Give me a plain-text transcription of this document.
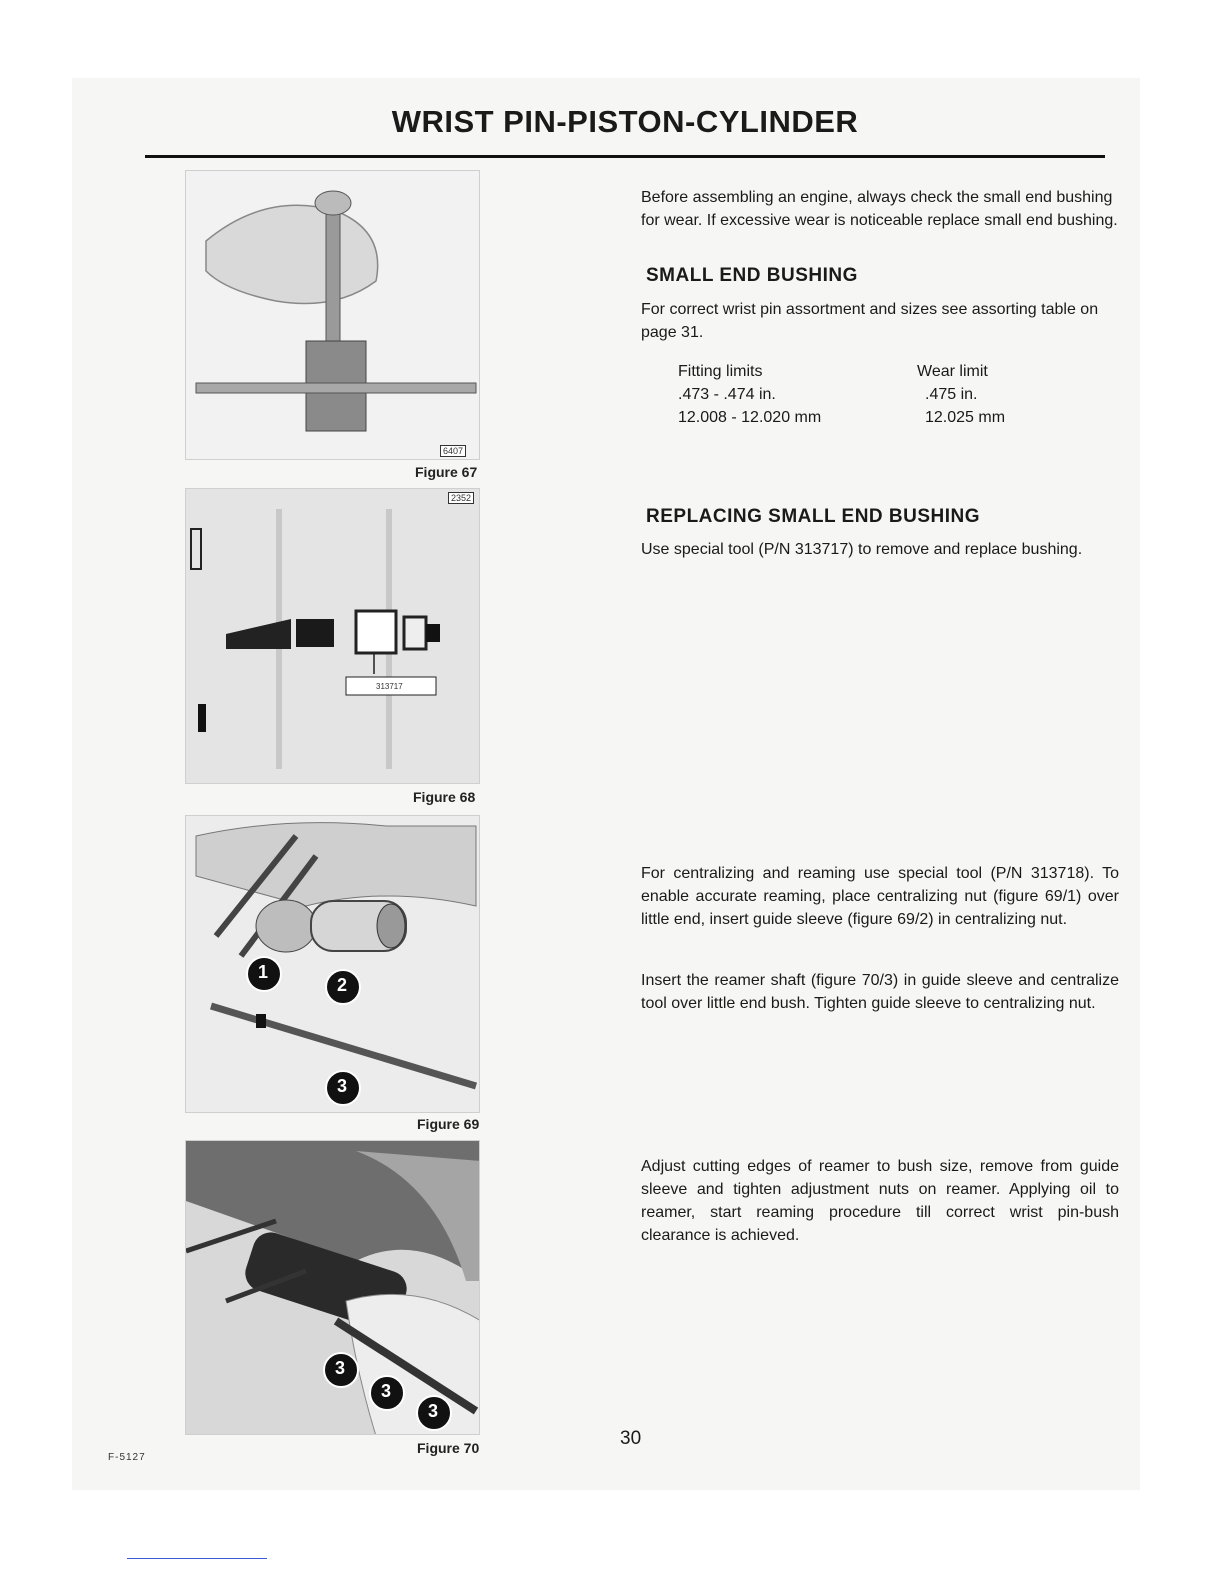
WRIST PIN-PISTON-CYLINDER
6407
Figure 67
313717
2352
Figure 68
1
2
3
Figure 69
3
3
3
Figure 70

Before assembling an engine, always check the small end bushing for wear. If excessive wear is noticeable replace small end bushing.

SMALL END BUSHING

For correct wrist pin assortment and sizes see assorting table on page 31.

Fitting limits
.473 - .474 in.
12.008 - 12.020 mm
Wear limit
.475 in.
12.025 mm
REPLACING SMALL END BUSHING

Use special tool (P/N 313717) to remove and replace bushing.

For centralizing and reaming use special tool (P/N 313718). To enable accurate reaming, place centralizing nut (figure 69/1) over little end, insert guide sleeve (figure 69/2) in centralizing nut.

Insert the reamer shaft (figure 70/3) in guide sleeve and centralize tool over little end bush. Tighten guide sleeve to centralizing nut.

Adjust cutting edges of reamer to bush size, remove from guide sleeve and tighten adjustment nuts on reamer. Applying oil to reamer, start reaming procedure till correct wrist pin-bush clearance is achieved.

30
F-5127
